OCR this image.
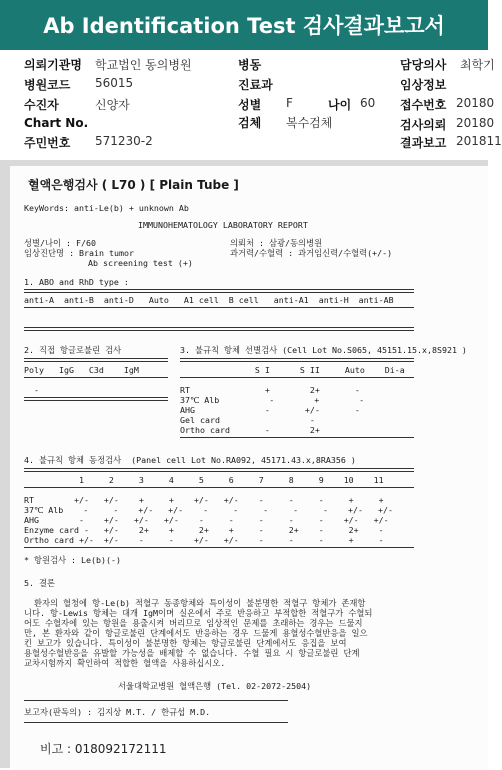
Ab Identification Test 검사결과보고서
의뢰기관명 학교법인 동의병원	병동	담당의사 최학기
병원코드 56015	진료과	임상정보
수진자	신양자	성별 F	나이 60 접수번호 20180
Chart No.	검체 복수검체	검사의뢰 20180
주민번호 571230-2	결과보고 201811
혈액은행검사 ( L70 ) [ Plain Tube ]
KeyWords: anti-Le(b) + unknown Ab
IMMUNOHEMATOLOGY LABORATORY REPORT
성별/나이 : F/60	의뢰처 : 삼광/동의병원
임상진단명 : Brain tumor	과거력/수혈력 : 과거임신력/수혈력(+/-)
Ab screening test (+)
1. ABO and RhD type :
anti-A  anti-B  anti-D   Auto   A1 cell  B cell   anti-A1  anti-H  anti-AB
2. 직접 항글로불린 검사	3. 불규칙 항체 선별검사 (Cell Lot No.S065, 45151.15.x,8S921 )
Poly   IgG   C3d    IgM	S I      S II     Auto    Di-a
-	RT               +        2+       -
37℃ Alb          -        +        -
AHG              -       +/-       -
Gel card                  -
Ortho card       -        2+
4. 불규칙 항체 동정검사  (Panel cell Lot No.RA092, 45171.43.x,8RA356 )
1     2     3     4     5     6     7     8     9    10    11
RT        +/-   +/-    +     +    +/-   +/-    -     -     -     +     +
37℃ Alb    -     -    +/-   +/-    -     -     -     -     -    +/-   +/-
AHG        -    +/-   +/-   +/-    -     -     -     -     -    +/-   +/-
Enzyme card -   +/-    2+    +     2+    +     -     2+    -     2+    -
Ortho card +/-  +/-    -     -    +/-   +/-    -     -     -     +     -
* 항원검사 : Le(b)(-)
5. 결론
환자의 혈청에 항-Le(b) 적혈구 동종항체와 특이성이 불분명한 적혈구 항체가 존재함
니다. 항-Lewis 항체는 대개 IgM이며 실온에서 주로 반응하고 부적합한 적혈구가 수혈되
어도 수혈자에 있는 항원을 용출시켜 버리므로 임상적인 문제를 초래하는 경우는 드물지
만, 본 환자와 같이 항글로불린 단계에서도 반응하는 경우 드물게 용혈성수혈반응을 일으
킨 보고가 있습니다. 특이성이 불분명한 항체는 항글로불린 단계에서도 응집을 보여
용혈성수혈반응을 유발할 가능성을 배제할 수 없습니다. 수혈 필요 시 항글로불린 단계
교차시험까지 확인하여 적합한 혈액을 사용하십시오.
서울대학교병원 혈액은행 (Tel. 02-2072-2504)
보고자(판독의) : 김지상 M.T. / 한규섭 M.D.
비고 : 018092172111
